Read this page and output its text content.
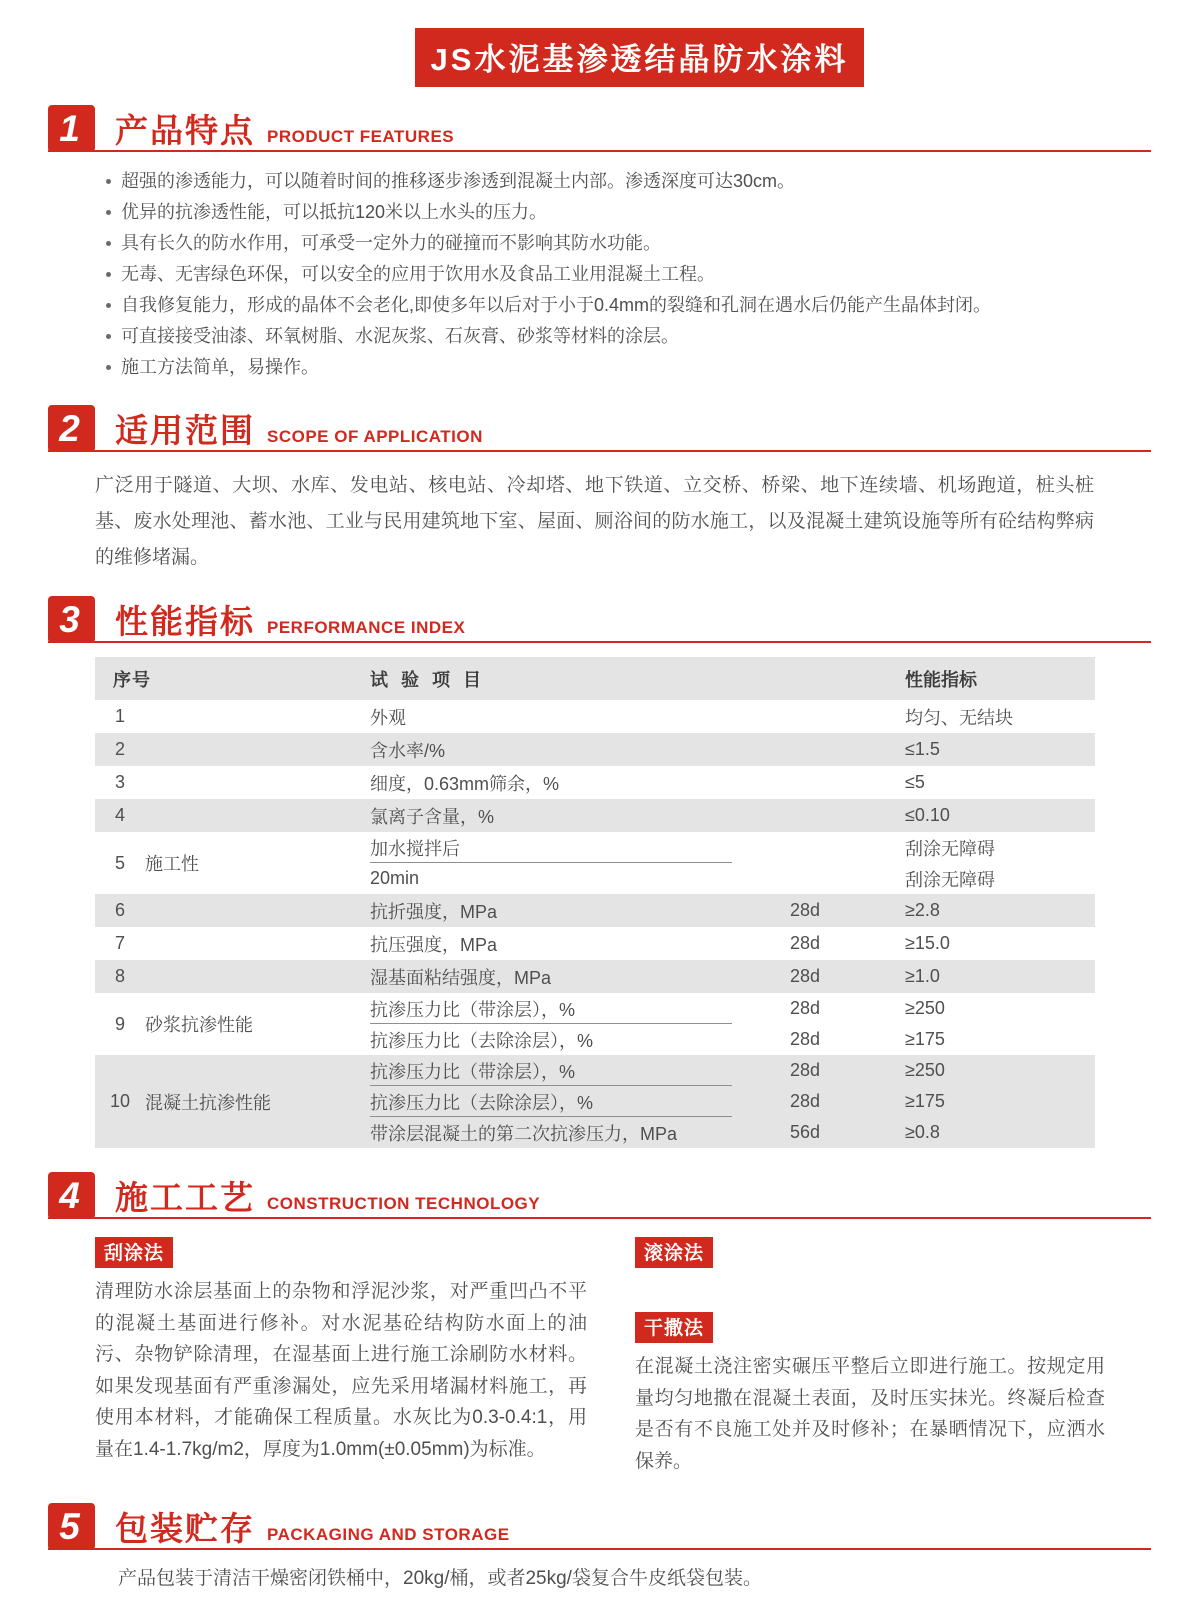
JS水泥基渗透结晶防水涂料
1	产品特点 PRODUCT FEATURES
超强的渗透能力，可以随着时间的推移逐步渗透到混凝土内部。渗透深度可达30cm。
优异的抗渗透性能，可以抵抗120米以上水头的压力。
具有长久的防水作用，可承受一定外力的碰撞而不影响其防水功能。
无毒、无害绿色环保，可以安全的应用于饮用水及食品工业用混凝土工程。
自我修复能力，形成的晶体不会老化,即使多年以后对于小于0.4mm的裂缝和孔洞在遇水后仍能产生晶体封闭。
可直接接受油漆、环氧树脂、水泥灰浆、石灰膏、砂浆等材料的涂层。
施工方法简单，易操作。
2	适用范围 SCOPE OF APPLICATION

广泛用于隧道、大坝、水库、发电站、核电站、冷却塔、地下铁道、立交桥、桥梁、地下连续墙、机场跑道，桩头桩基、废水处理池、蓄水池、工业与民用建筑地下室、屋面、厕浴间的防水施工，以及混凝土建筑设施等所有砼结构弊病的维修堵漏。

3	性能指标 PERFORMANCE INDEX
序号	试 验 项 目	性能指标
1	外观	均匀、无结块
2	含水率/%	≤1.5
3	细度，0.63mm筛余，%	≤5
4	氯离子含量，%	≤0.10
5	施工性
加水搅拌后	刮涂无障碍
20min	刮涂无障碍
6	抗折强度，MPa	28d	≥2.8
7	抗压强度，MPa	28d	≥15.0
8	湿基面粘结强度，MPa	28d	≥1.0
9	砂浆抗渗性能
抗渗压力比（带涂层），%	28d	≥250
抗渗压力比（去除涂层），%	28d	≥175
10 混凝土抗渗性能
抗渗压力比（带涂层），%	28d	≥250
抗渗压力比（去除涂层），%	28d	≥175
带涂层混凝土的第二次抗渗压力，MPa	56d	≥0.8
4	施工工艺 CONSTRUCTION TECHNOLOGY
刮涂法

清理防水涂层基面上的杂物和浮泥沙浆，对严重凹凸不平的混凝土基面进行修补。对水泥基砼结构防水面上的油污、杂物铲除清理，在湿基面上进行施工涂刷防水材料。如果发现基面有严重渗漏处，应先采用堵漏材料施工，再使用本材料，才能确保工程质量。水灰比为0.3-0.4:1，用量在1.4-1.7kg/m2，厚度为1.0mm(±0.05mm)为标准。

滚涂法
干撒法

在混凝土浇注密实碾压平整后立即进行施工。按规定用量均匀地撒在混凝土表面，及时压实抹光。终凝后检查是否有不良施工处并及时修补；在暴晒情况下，应洒水保养。

5	包装贮存 PACKAGING AND STORAGE

产品包装于清洁干燥密闭铁桶中，20kg/桶，或者25kg/袋复合牛皮纸袋包装。
